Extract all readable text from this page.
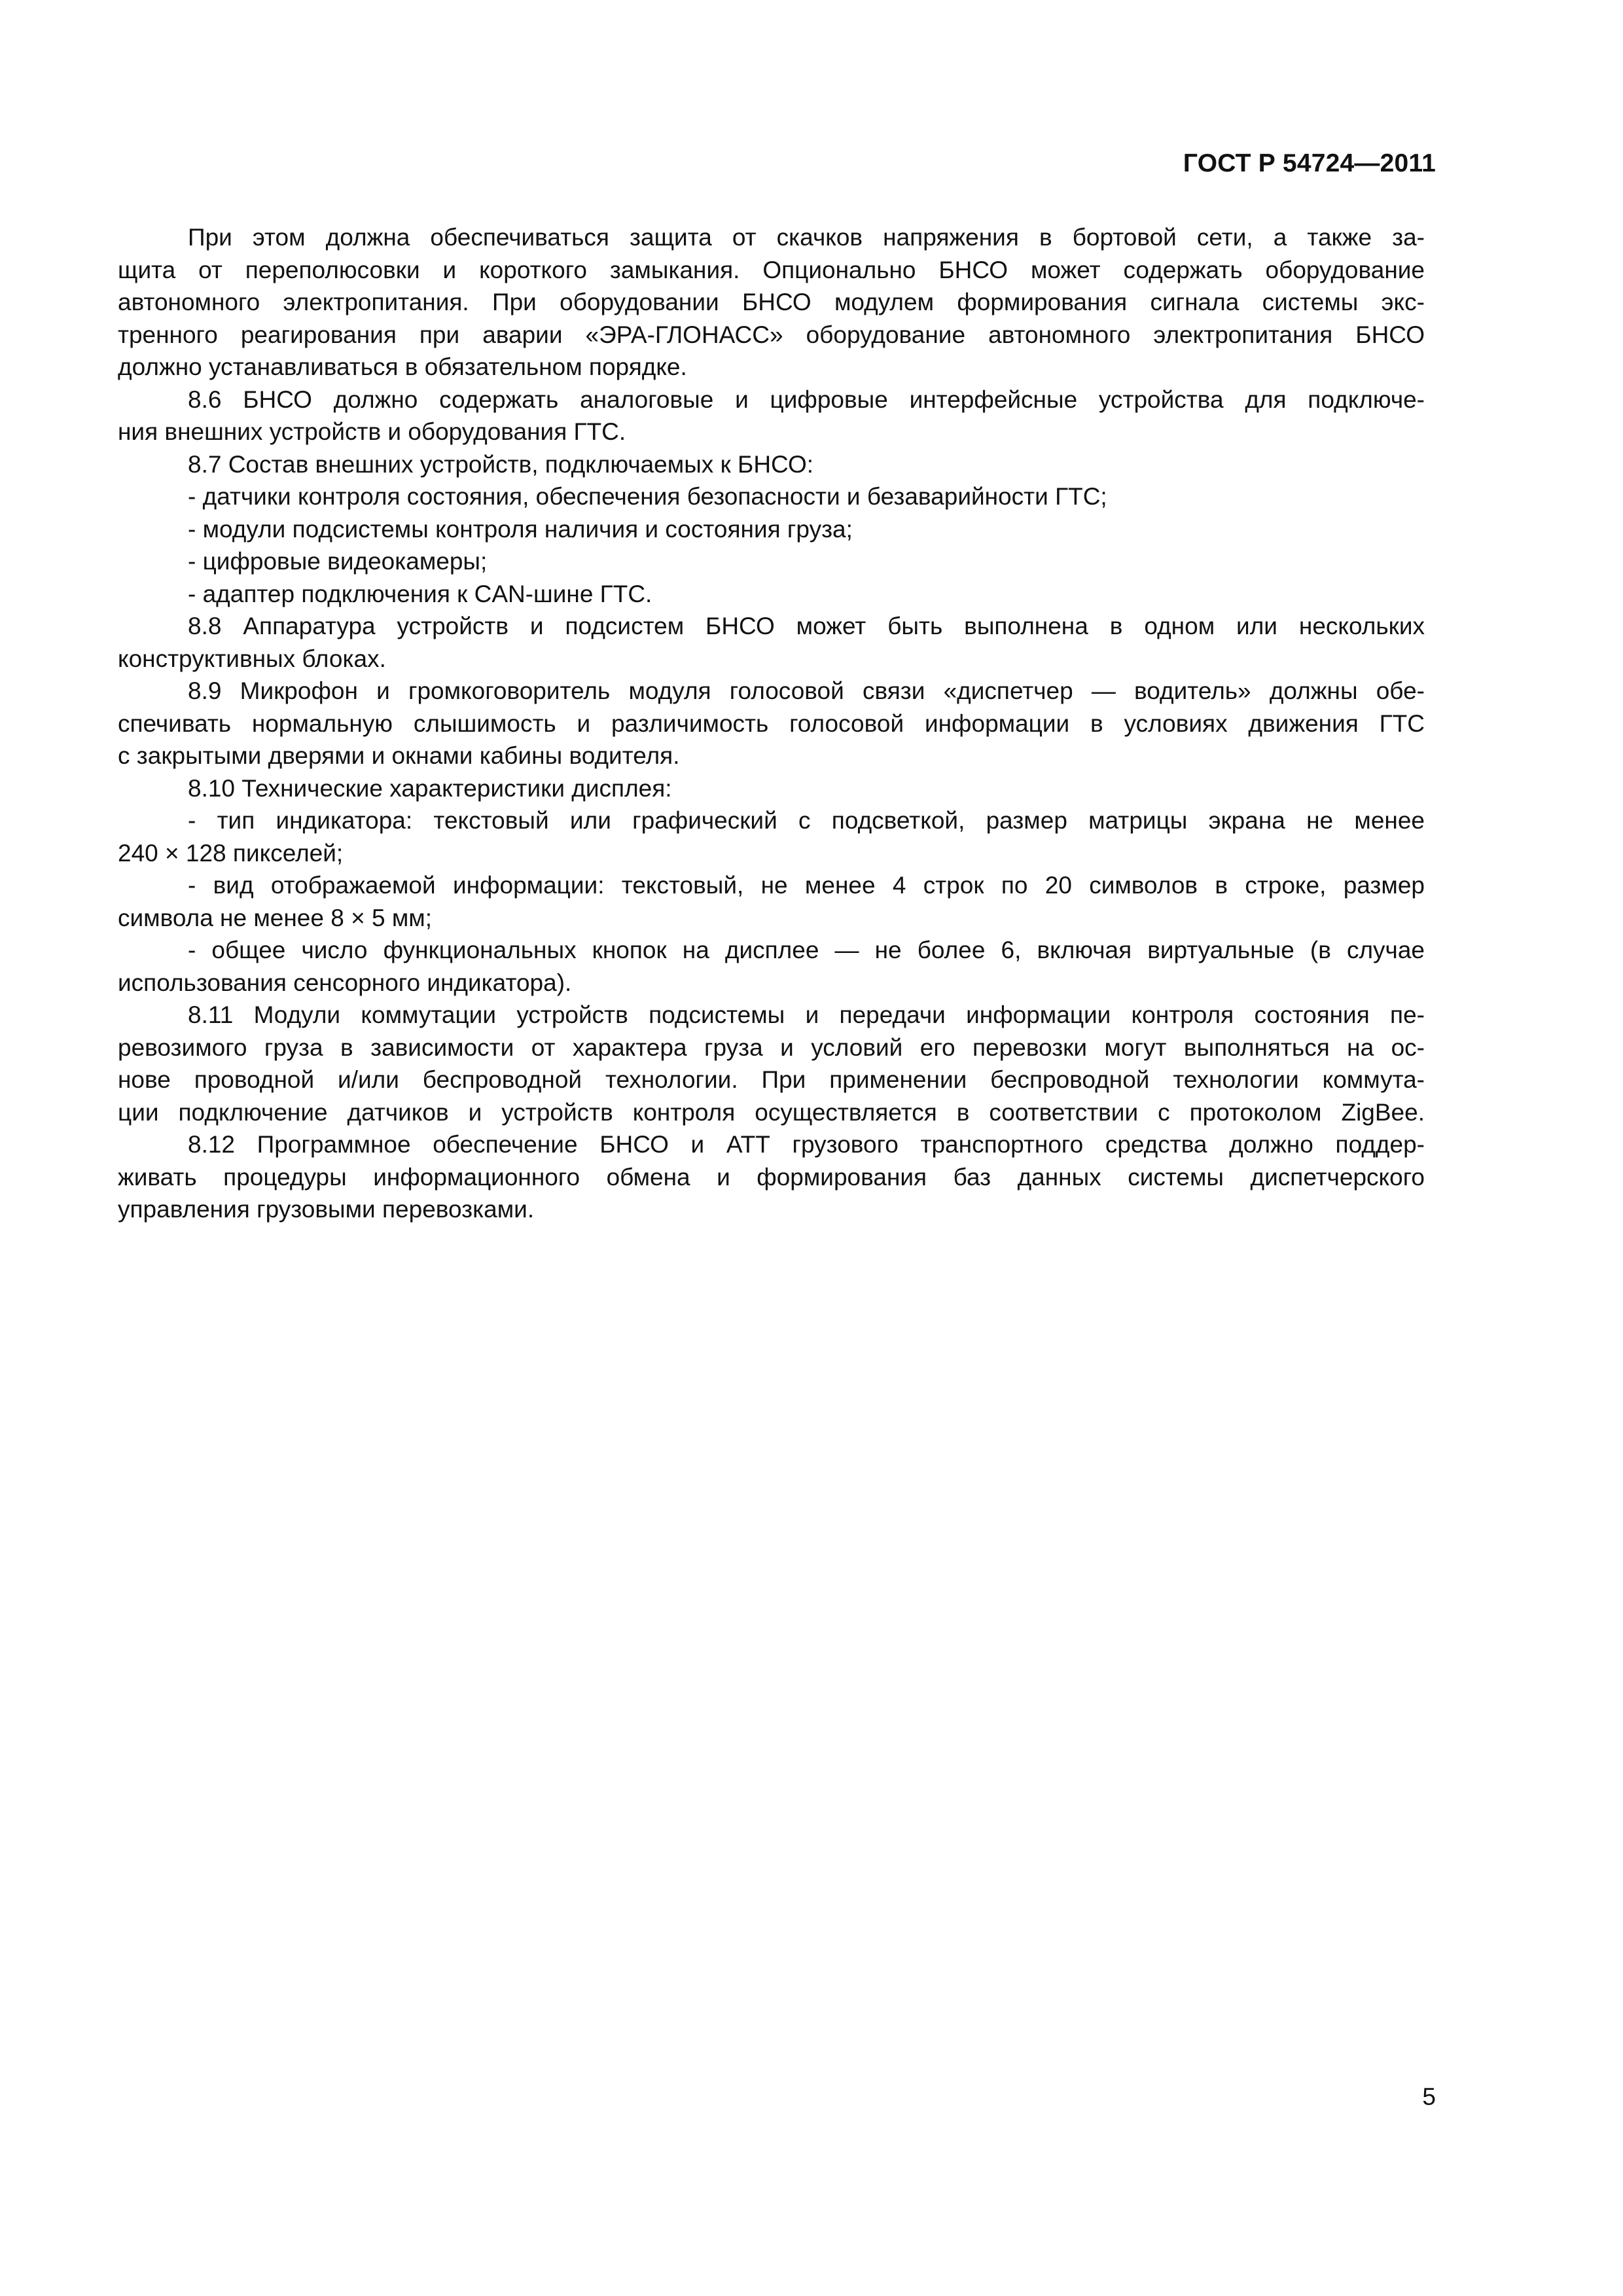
ГОСТ Р 54724—2011
При этом должна обеспечиваться защита от скачков напряжения в бортовой сети, а также за-
щита от переполюсовки и короткого замыкания. Опционально БНСО может содержать оборудование
автономного электропитания. При оборудовании БНСО модулем формирования сигнала системы экс-
тренного реагирования при аварии «ЭРА-ГЛОНАСС» оборудование автономного электропитания БНСО
должно устанавливаться в обязательном порядке.
8.6 БНСО должно содержать аналоговые и цифровые интерфейсные устройства для подключе-
ния внешних устройств и оборудования ГТС.
8.7 Состав внешних устройств, подключаемых к БНСО:
- датчики контроля состояния, обеспечения безопасности и безаварийности ГТС;
- модули подсистемы контроля наличия и состояния груза;
- цифровые видеокамеры;
- адаптер подключения к CAN-шине ГТС.
8.8 Аппаратура устройств и подсистем БНСО может быть выполнена в одном или нескольких
конструктивных блоках.
8.9 Микрофон и громкоговоритель модуля голосовой связи «диспетчер — водитель» должны обе-
спечивать нормальную слышимость и различимость голосовой информации в условиях движения ГТС
с закрытыми дверями и окнами кабины водителя.
8.10 Технические характеристики дисплея:
- тип индикатора: текстовый или графический с подсветкой, размер матрицы экрана не менее
240 × 128 пикселей;
- вид отображаемой информации: текстовый, не менее 4 строк по 20 символов в строке, размер
символа не менее 8 × 5 мм;
- общее число функциональных кнопок на дисплее — не более 6, включая виртуальные (в случае
использования сенсорного индикатора).
8.11 Модули коммутации устройств подсистемы и передачи информации контроля состояния пе-
ревозимого груза в зависимости от характера груза и условий его перевозки могут выполняться на ос-
нове проводной и/или беспроводной технологии. При применении беспроводной технологии коммута-
ции подключение датчиков и устройств контроля осуществляется в соответствии с протоколом ZigBee.
8.12 Программное обеспечение БНСО и АТТ грузового транспортного средства должно поддер-
живать процедуры информационного обмена и формирования баз данных системы диспетчерского
управления грузовыми перевозками.
5
